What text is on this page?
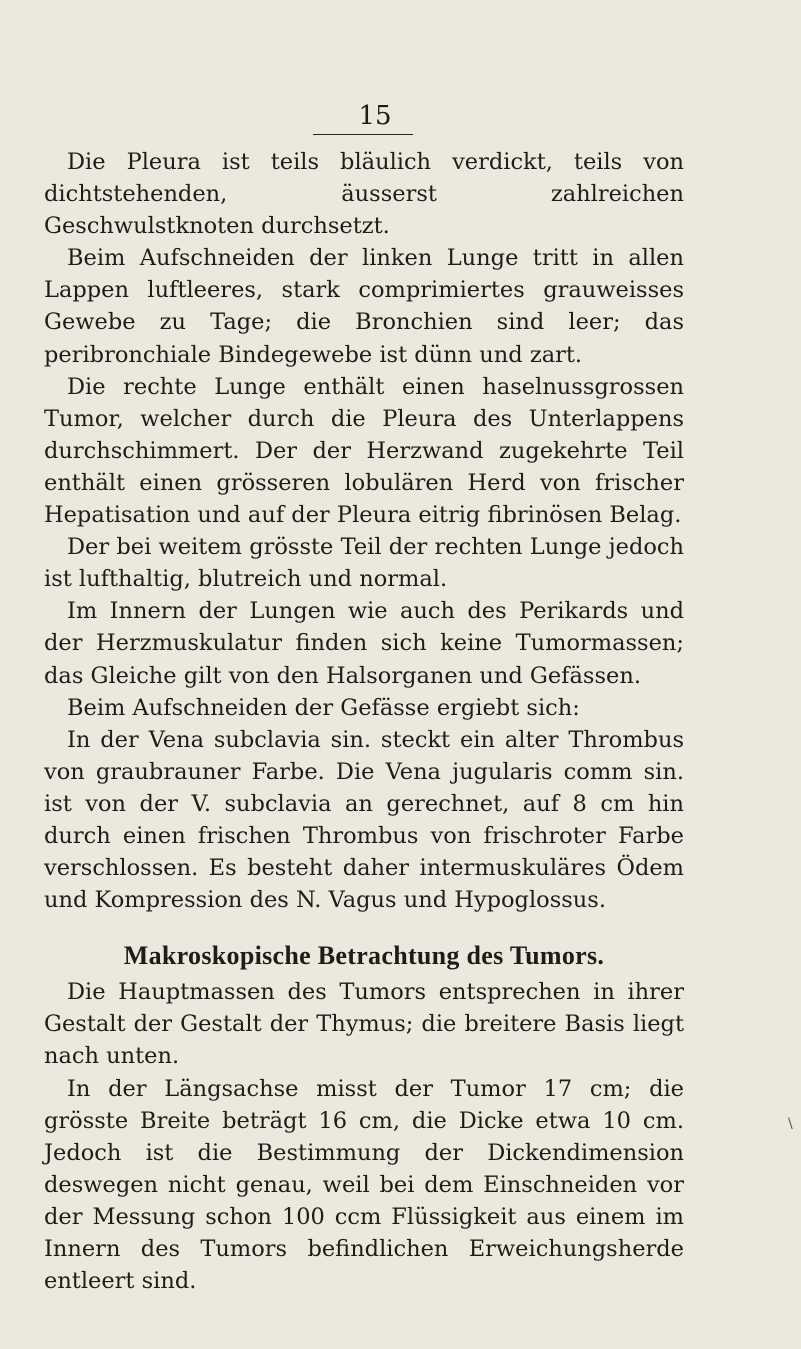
15

Die Pleura ist teils bläulich verdickt, teils von dichtstehenden, äusserst zahlreichen Geschwulstknoten durchsetzt.

Beim Aufschneiden der linken Lunge tritt in allen Lappen luftleeres, stark comprimiertes grauweisses Gewebe zu Tage; die Bronchien sind leer; das peribronchiale Bindegewebe ist dünn und zart.

Die rechte Lunge enthält einen haselnussgrossen Tumor, welcher durch die Pleura des Unterlappens durchschimmert. Der der Herzwand zugekehrte Teil enthält einen grösseren lobulären Herd von frischer Hepatisation und auf der Pleura eitrig fibrinösen Belag.

Der bei weitem grösste Teil der rechten Lunge jedoch ist lufthaltig, blutreich und normal.

Im Innern der Lungen wie auch des Perikards und der Herzmuskulatur finden sich keine Tumormassen; das Gleiche gilt von den Halsorganen und Gefässen.

Beim Aufschneiden der Gefässe ergiebt sich:

In der Vena subclavia sin. steckt ein alter Thrombus von graubrauner Farbe. Die Vena jugularis comm sin. ist von der V. subclavia an gerechnet, auf 8 cm hin durch einen frischen Thrombus von frischroter Farbe verschlossen. Es besteht daher intermuskuläres Ödem und Kompression des N. Vagus und Hypoglossus.

Makroskopische Betrachtung des Tumors.

Die Hauptmassen des Tumors entsprechen in ihrer Gestalt der Gestalt der Thymus; die breitere Basis liegt nach unten.

In der Längsachse misst der Tumor 17 cm; die grösste Breite beträgt 16 cm, die Dicke etwa 10 cm. Jedoch ist die Bestimmung der Dickendimension deswegen nicht genau, weil bei dem Einschneiden vor der Messung schon 100 ccm Flüssigkeit aus einem im Innern des Tumors befindlichen Erweichungsherde entleert sind.

\
